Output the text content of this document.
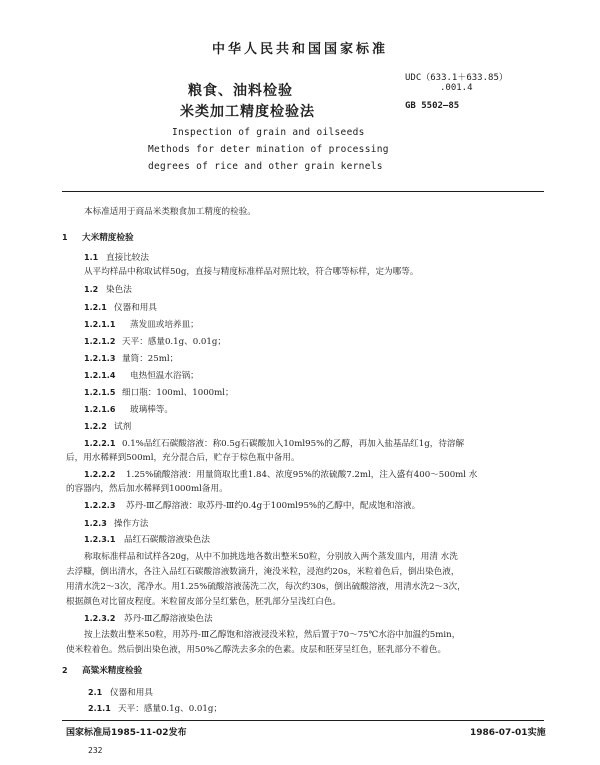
中华人民共和国国家标准
粮食、油料检验
米类加工精度检验法
Inspection of grain and oilseeds
Methods for deter mination of processing
degrees of rice and other grain kernels
UDC（633.1＋633.85）
.001.4
GB 5502—85
本标准适用于商品米类粮食加工精度的检验。
1 大米精度检验
1.1 直接比较法
从平均样品中称取试样50g，直接与精度标准样品对照比较，符合哪等标样，定为哪等。
1.2 染色法
1.2.1 仪器和用具
1.2.1.1 蒸发皿或培养皿；
1.2.1.2 天平：感量0.1g、0.01g；
1.2.1.3 量筒：25ml；
1.2.1.4 电热恒温水浴锅；
1.2.1.5 细口瓶：100ml、1000ml；
1.2.1.6 玻璃棒等。
1.2.2 试剂
1.2.2.1 0.1%品红石碳酸溶液：称0.5g石碳酸加入10ml95%的乙醇，再加入盐基品红1g，待溶解
后，用水稀释到500ml，充分混合后，贮存于棕色瓶中备用。
1.2.2.2 1.25%硫酸溶液：用量筒取比重1.84、浓度95%的浓硫酸7.2ml，注入盛有400～500ml 水
的容器内，然后加水稀释到1000ml备用。
1.2.2.3 苏丹-Ⅲ乙醇溶液：取苏丹-Ⅲ约0.4g于100ml95%的乙醇中，配成饱和溶液。
1.2.3 操作方法
1.2.3.1 品红石碳酸溶液染色法
称取标准样品和试样各20g，从中不加挑选地各数出整米50粒，分别放入两个蒸发皿内，用清 水洗
去浮糠，倒出清水，各注入品红石碳酸溶液数滴升，淹没米粒，浸泡约20s，米粒着色后，倒出染色液，
用清水洗2～3次，滗净水。用1.25%硫酸溶液荡洗二次，每次约30s，倒出硫酸溶液，用清水洗2～3次，
根据颜色对比留皮程度。米粒留皮部分呈红紫色，胚乳部分呈浅红白色。
1.2.3.2 苏丹-Ⅲ乙醇溶液染色法
按上法数出整米50粒，用苏丹-Ⅲ乙醇饱和溶液浸没米粒，然后置于70～75℃水浴中加温约5min，
使米粒着色。然后倒出染色液，用50%乙醇洗去多余的色素。皮层和胚芽呈红色，胚乳部分不着色。
2 高粱米精度检验
2.1 仪器和用具
2.1.1 天平：感量0.1g、0.01g；
国家标准局1985-11-02发布	1986-07-01实施
232
